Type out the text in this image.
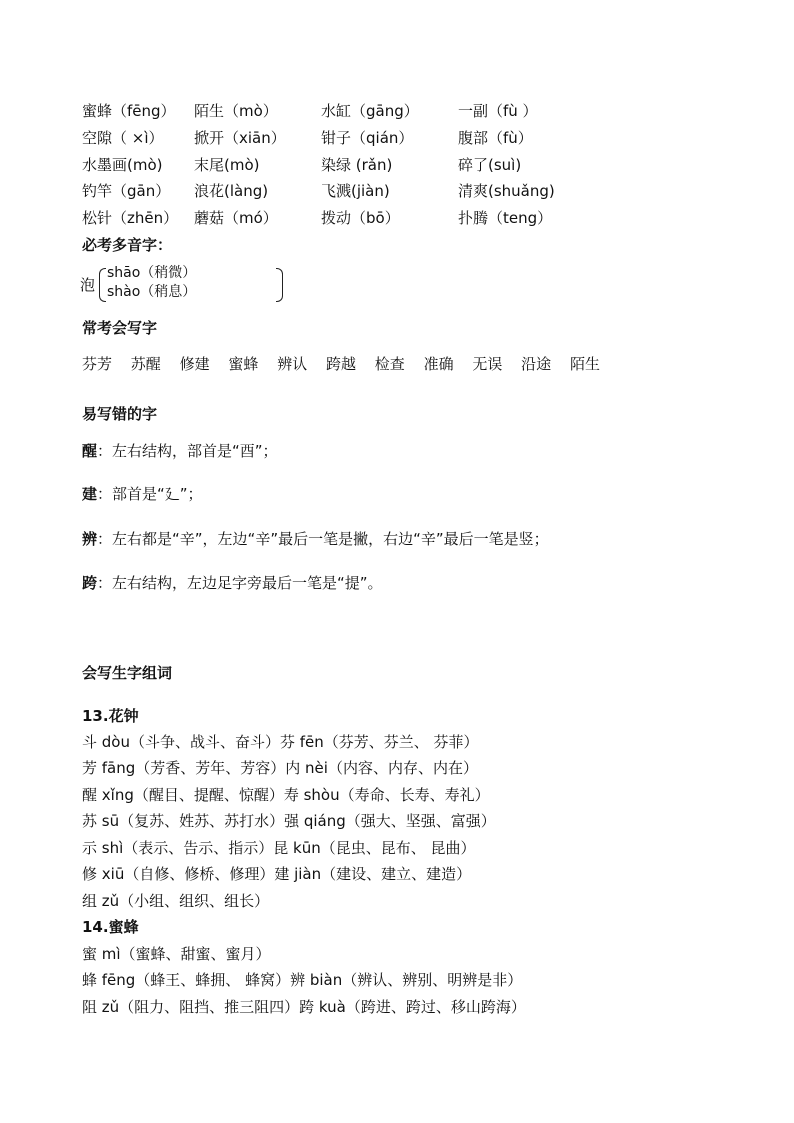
蜜蜂（fēng） 陌生（mò）	水缸（gāng）	一副（fù ）
空隙（ ×ì） 掀开（xiān） 钳子（qián）	腹部（fù）
水墨画(mò) 末尾(mò)	染绿 (rǎn)	碎了(suì)
钓竿（gān） 浪花(làng)	飞溅(jiàn)	清爽(shuǎng)
松针（zhēn） 蘑菇（mó）	拨动（bō）	扑腾（teng）
必考多音字：
泡
shāo（稍微）
shào（稍息）
常考会写字
芬芳 苏醒 修建 蜜蜂 辨认 跨越 检查 准确 无误 沿途 陌生
易写错的字
醒：左右结构，部首是“酉”；
建：部首是“廴”；
辨：左右都是“辛”，左边“辛”最后一笔是撇，右边“辛”最后一笔是竖；
跨：左右结构，左边足字旁最后一笔是“提”。
会写生字组词
13.花钟
斗 dòu（斗争、战斗、奋斗）芬 fēn（芬芳、芬兰、 芬菲）
芳 fāng（芳香、芳年、芳容）内 nèi（内容、内存、内在）
醒 xǐng（醒目、提醒、惊醒）寿 shòu（寿命、长寿、寿礼）
苏 sū（复苏、姓苏、苏打水）强 qiáng（强大、坚强、富强）
示 shì（表示、告示、指示）昆 kūn（昆虫、昆布、 昆曲）
修 xiū（自修、修桥、修理）建 jiàn（建设、建立、建造）
组 zǔ（小组、组织、组长）
14.蜜蜂
蜜 mì（蜜蜂、甜蜜、蜜月）
蜂 fēng（蜂王、蜂拥、 蜂窝）辨 biàn（辨认、辨别、明辨是非）
阻 zǔ（阻力、阻挡、推三阻四）跨 kuà（跨进、跨过、移山跨海）
